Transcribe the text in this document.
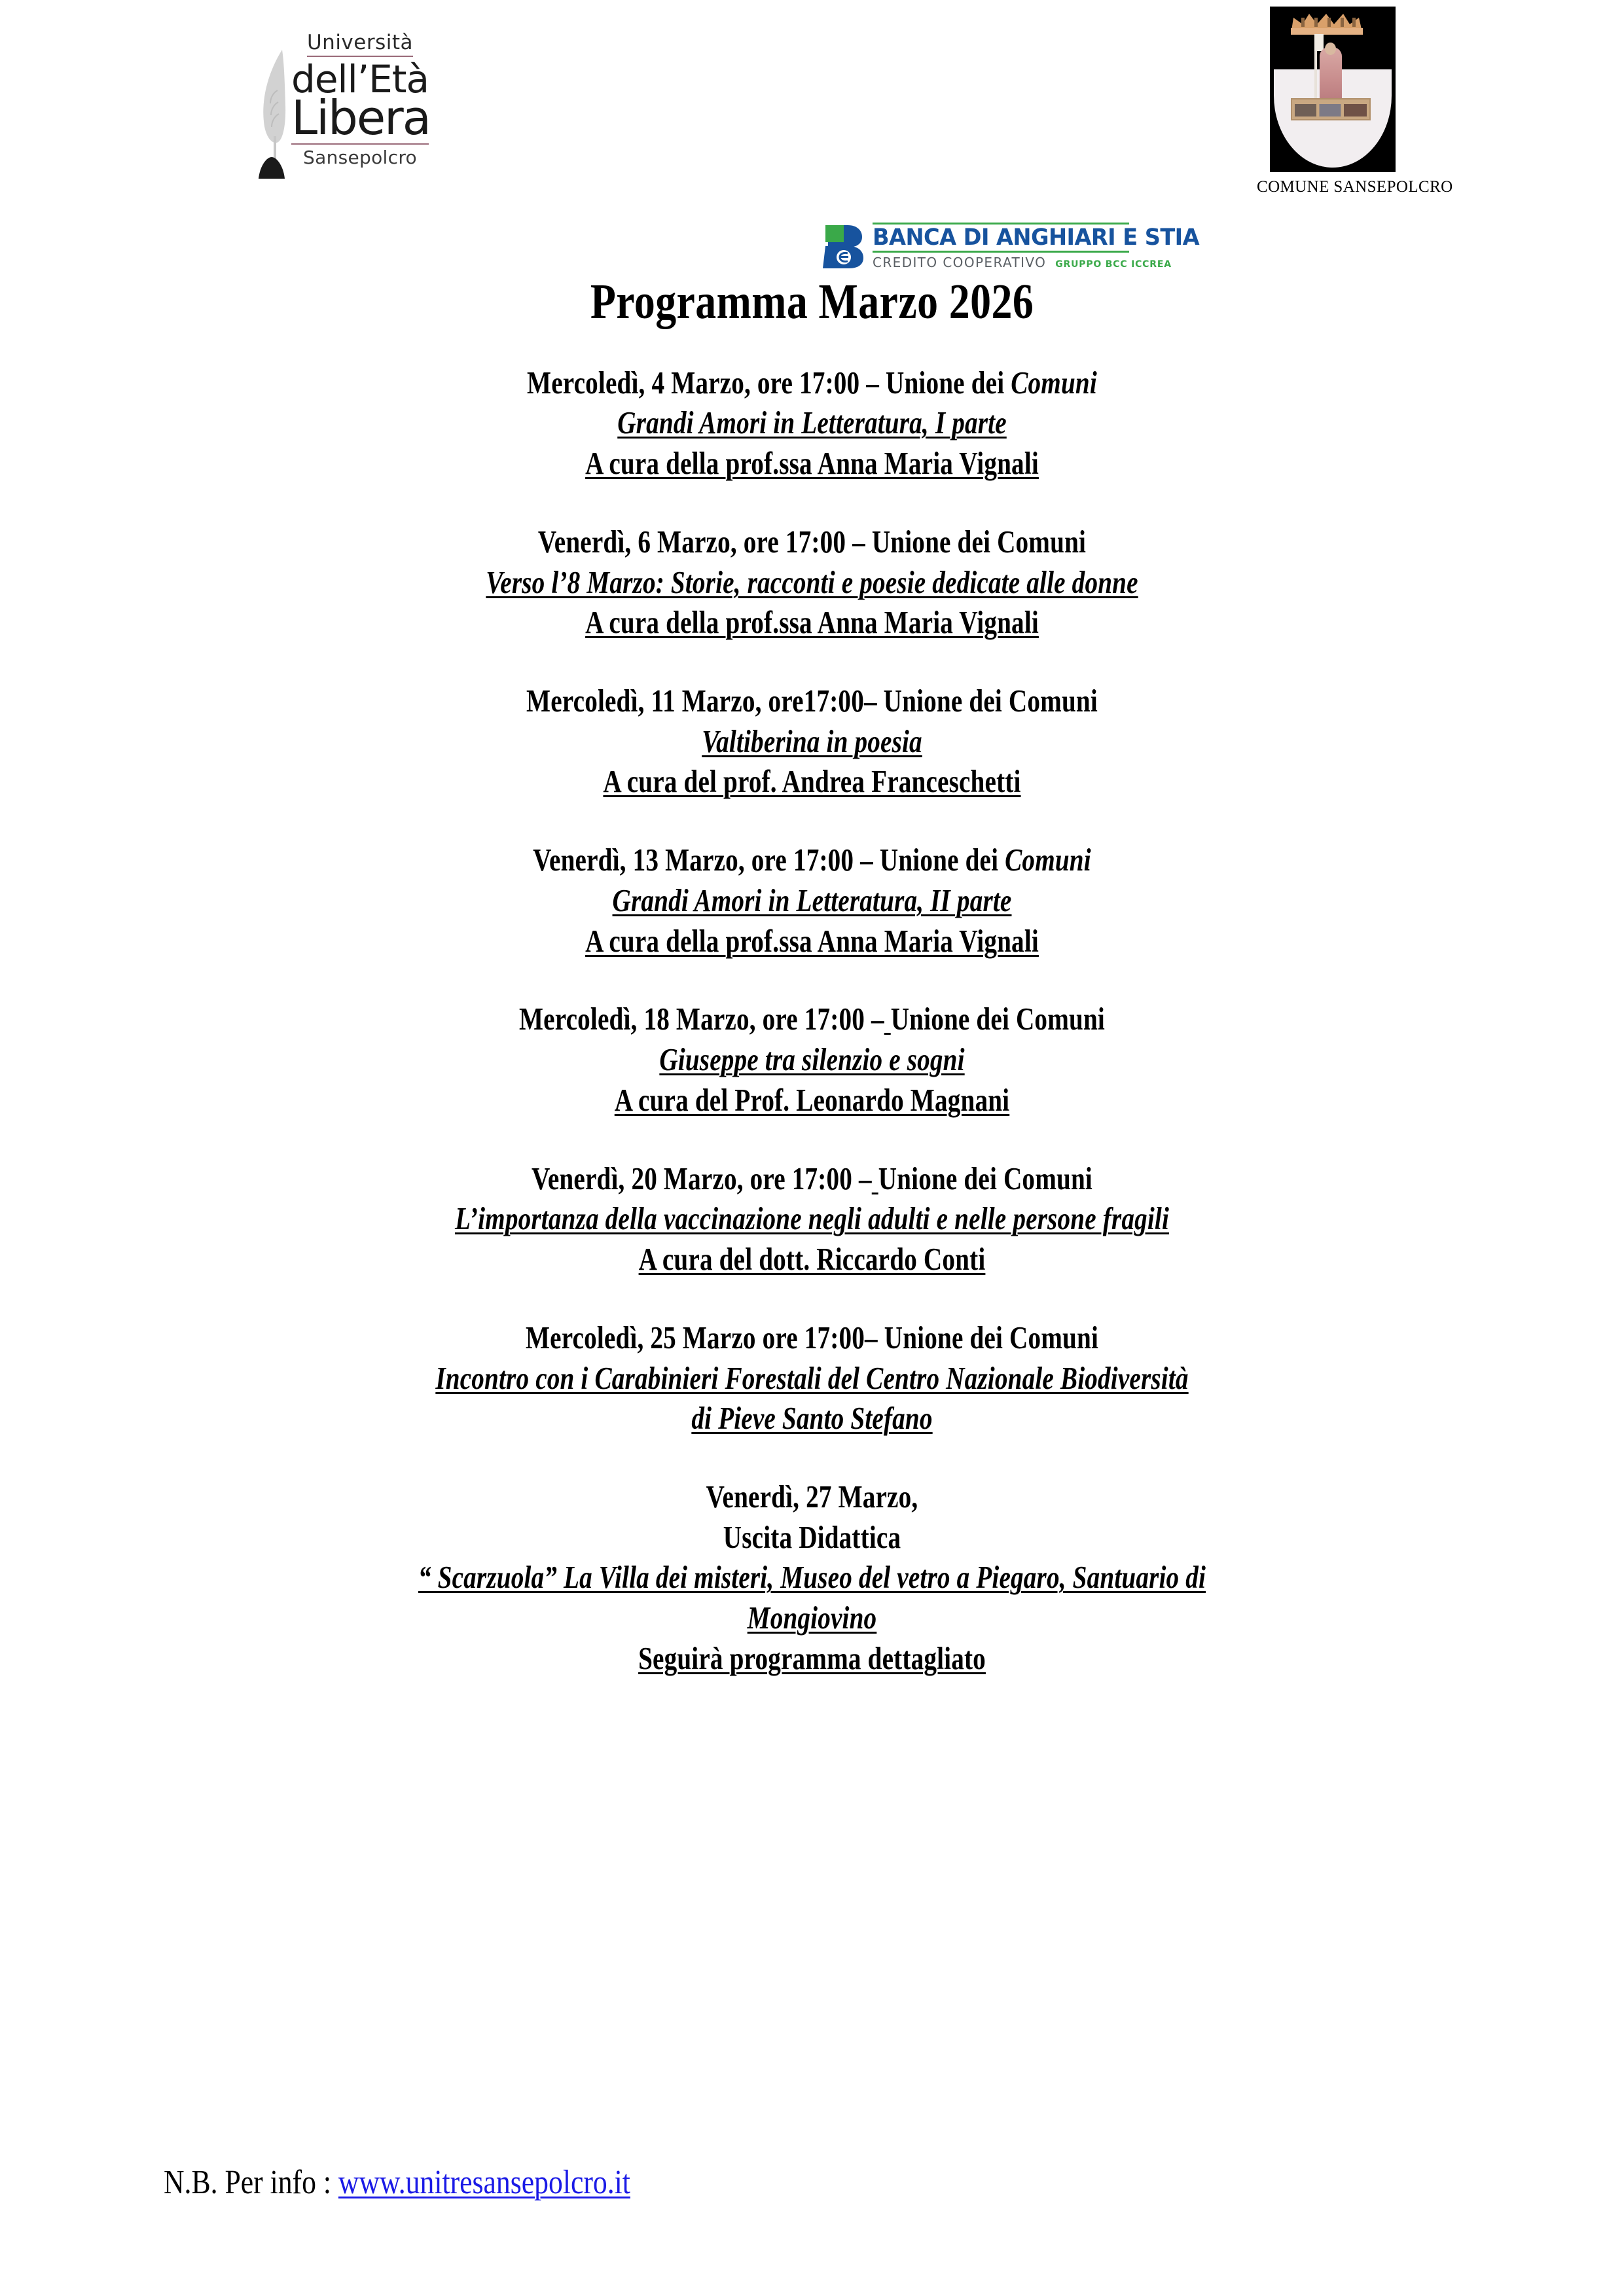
Università
dell’Età
Libera
Sansepolcro
BANCA DI ANGHIARI E STIA
CREDITO COOPERATIVO GRUPPO BCC ICCREA
COMUNE SANSEPOLCRO
Programma Marzo 2026
Mercoledì, 4 Marzo, ore 17:00 – Unione dei Comuni
Grandi Amori in Letteratura, I parte
A cura della prof.ssa Anna Maria Vignali
Venerdì, 6 Marzo, ore 17:00 – Unione dei Comuni
Verso l’8 Marzo: Storie, racconti e poesie dedicate alle donne
A cura della prof.ssa Anna Maria Vignali
Mercoledì, 11 Marzo, ore17:00– Unione dei Comuni
Valtiberina in poesia
A cura del prof. Andrea Franceschetti
Venerdì, 13 Marzo, ore 17:00 – Unione dei Comuni
Grandi Amori in Letteratura, II parte
A cura della prof.ssa Anna Maria Vignali
Mercoledì, 18 Marzo, ore 17:00 – Unione dei Comuni
Giuseppe tra silenzio e sogni
A cura del Prof. Leonardo Magnani
Venerdì, 20 Marzo, ore 17:00 – Unione dei Comuni
L’importanza della vaccinazione negli adulti e nelle persone fragili
A cura del dott. Riccardo Conti
Mercoledì, 25 Marzo ore 17:00– Unione dei Comuni
Incontro con i Carabinieri Forestali del Centro Nazionale Biodiversità
di Pieve Santo Stefano
Venerdì, 27 Marzo,
Uscita Didattica
“ Scarzuola” La Villa dei misteri, Museo del vetro a Piegaro, Santuario di
Mongiovino
Seguirà programma dettagliato
N.B. Per info : www.unitresansepolcro.it
